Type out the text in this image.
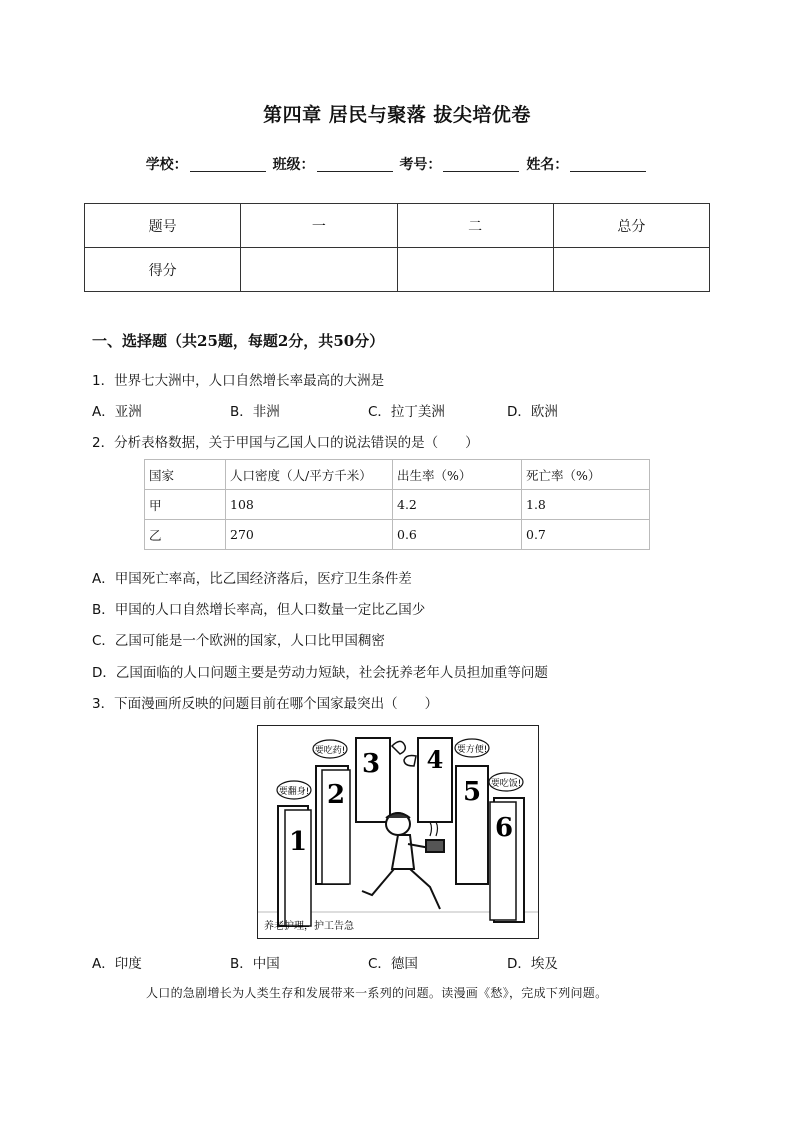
第四章 居民与聚落 拔尖培优卷
学校：	班级：	考号：	姓名：
题号	一	二	总分
得分			
一、选择题（共25题，每题2分，共50分）
1．世界七大洲中，人口自然增长率最高的大洲是
A．亚洲	B．非洲	C．拉丁美洲	D．欧洲
2．分析表格数据，关于甲国与乙国人口的说法错误的是（　　）
国家	人口密度（人/平方千米）	出生率（%）	死亡率（%）
甲	108	4.2	1.8
乙	270	0.6	0.7
A．甲国死亡率高，比乙国经济落后，医疗卫生条件差
B．甲国的人口自然增长率高，但人口数量一定比乙国少
C．乙国可能是一个欧洲的国家，人口比甲国稠密
D．乙国面临的人口问题主要是劳动力短缺，社会抚养老年人员担加重等问题
3．下面漫画所反映的问题目前在哪个国家最突出（　　）
1
2
3 4
5
6
要翻身!
要吃药!	要方便!
要吃饭!
养老护理，护工告急
A．印度	B．中国	C．德国	D．埃及
人口的急剧增长为人类生存和发展带来一系列的问题。读漫画《愁》，完成下列问题。
